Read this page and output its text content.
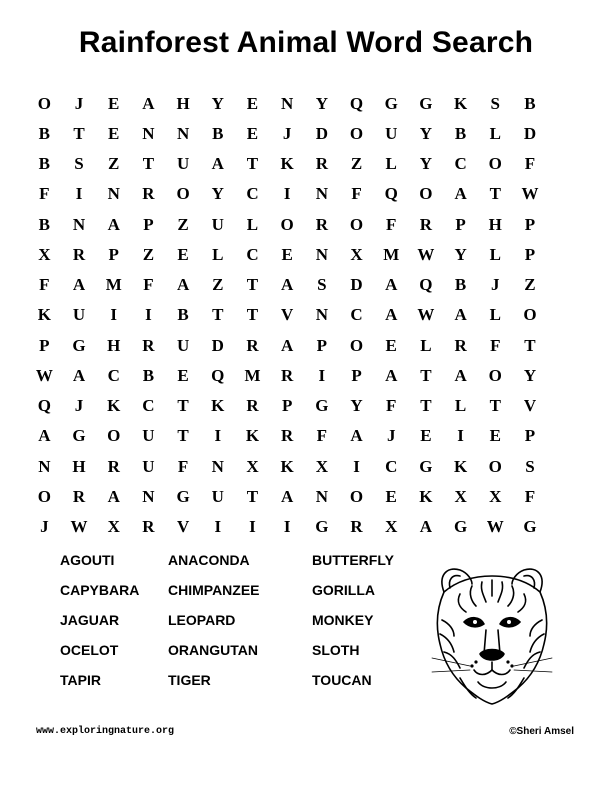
Rainforest Animal Word Search
O	J	E	A	H	Y	E	N	Y	Q	G	G	K	S	B
B	T	E	N	N	B	E	J	D	O	U	Y	B	L	D
B	S	Z	T	U	A	T	K	R	Z	L	Y	C	O	F
F	I	N	R	O	Y	C	I	N	F	Q	O	A	T	W
B	N	A	P	Z	U	L	O	R	O	F	R	P	H	P
X	R	P	Z	E	L	C	E	N	X	M	W	Y	L	P
F	A	M	F	A	Z	T	A	S	D	A	Q	B	J	Z
K	U	I	I	B	T	T	V	N	C	A	W	A	L	O
P	G	H	R	U	D	R	A	P	O	E	L	R	F	T
W	A	C	B	E	Q	M	R	I	P	A	T	A	O	Y
Q	J	K	C	T	K	R	P	G	Y	F	T	L	T	V
A	G	O	U	T	I	K	R	F	A	J	E	I	E	P
N	H	R	U	F	N	X	K	X	I	C	G	K	O	S
O	R	A	N	G	U	T	A	N	O	E	K	X	X	F
J	W	X	R	V	I	I	I	G	R	X	A	G	W	G
AGOUTI	ANACONDA	BUTTERFLY
CAPYBARA	CHIMPANZEE	GORILLA
JAGUAR	LEOPARD	MONKEY
OCELOT	ORANGUTAN	SLOTH
TAPIR	TIGER	TOUCAN
www.exploringnature.org	©Sheri Amsel
